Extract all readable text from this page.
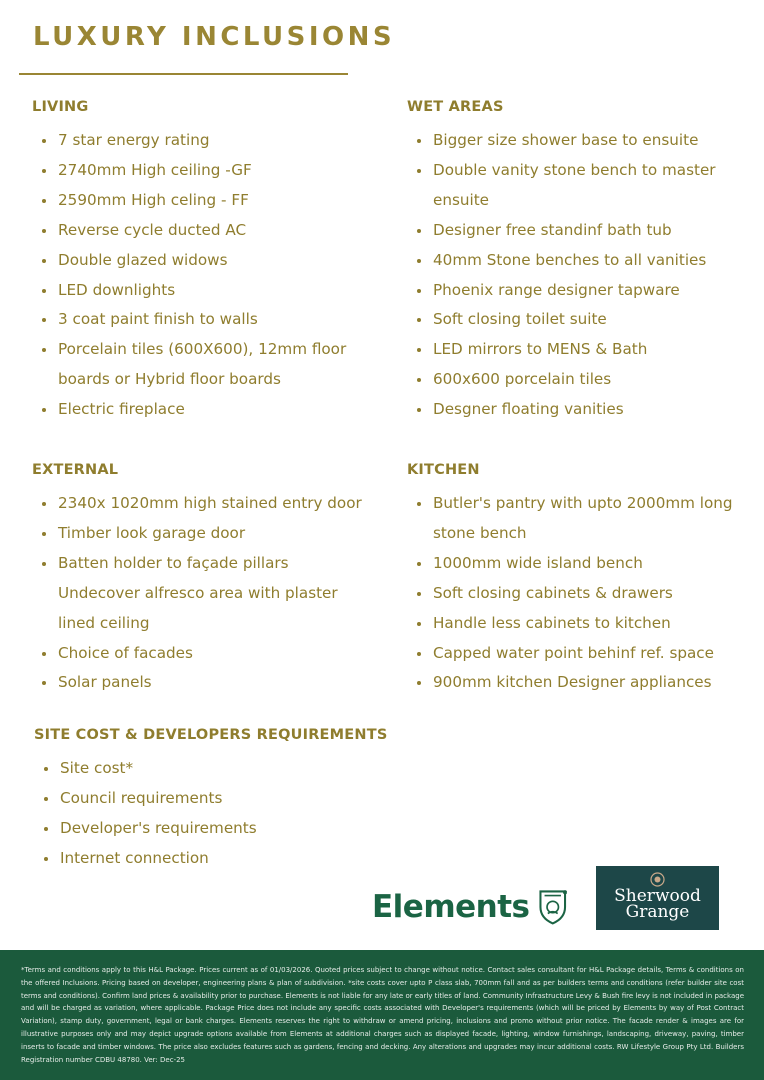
LUXURY INCLUSIONS
LIVING
7 star energy rating
2740mm High ceiling -GF
2590mm High celing - FF
Reverse cycle ducted AC
Double glazed widows
LED downlights
3 coat paint finish to walls
Porcelain tiles (600X600), 12mm floor boards or Hybrid floor boards
Electric fireplace
WET AREAS
Bigger size shower base to ensuite
Double vanity stone bench to master ensuite
Designer free standinf bath tub
40mm Stone benches to all vanities
Phoenix range designer tapware
Soft closing toilet suite
LED mirrors to MENS & Bath
600x600 porcelain tiles
Desgner floating vanities
EXTERNAL
2340x 1020mm high stained entry door
Timber look garage door
Batten holder to façade pillars
Undecover alfresco area with plaster lined ceiling
Choice of facades
Solar panels
KITCHEN
Butler's pantry with upto 2000mm long stone bench
1000mm wide island bench
Soft closing cabinets & drawers
Handle less cabinets to kitchen
Capped water point behinf ref. space
900mm kitchen Designer appliances
SITE COST & DEVELOPERS REQUIREMENTS
Site cost*
Council requirements
Developer's requirements
Internet connection
Elements	Sherwood
Grange

*Terms and conditions apply to this H&L Package. Prices current as of 01/03/2026. Quoted prices subject to change without notice. Contact sales consultant for H&L Package details, Terms & conditions on the offered Inclusions. Pricing based on developer, engineering plans & plan of subdivision. *site costs cover upto P class slab, 700mm fall and as per builders terms and conditions (refer builder site cost terms and conditions). Confirm land prices & availability prior to purchase. Elements is not liable for any late or early titles of land. Community Infrastructure Levy & Bush fire levy is not included in package and will be charged as variation, where applicable. Package Price does not include any specific costs associated with Developer's requirements (which will be priced by Elements by way of Post Contract Variation), stamp duty, government, legal or bank charges. Elements reserves the right to withdraw or amend pricing, inclusions and promo without prior notice. The facade render & images are for illustrative purposes only and may depict upgrade options available from Elements at additional charges such as displayed facade, lighting, window furnishings, landscaping, driveway, paving, timber inserts to facade and timber windows. The price also excludes features such as gardens, fencing and decking. Any alterations and upgrades may incur additional costs. RW Lifestyle Group Pty Ltd. Builders Registration number CDBU 48780. Ver: Dec-25
